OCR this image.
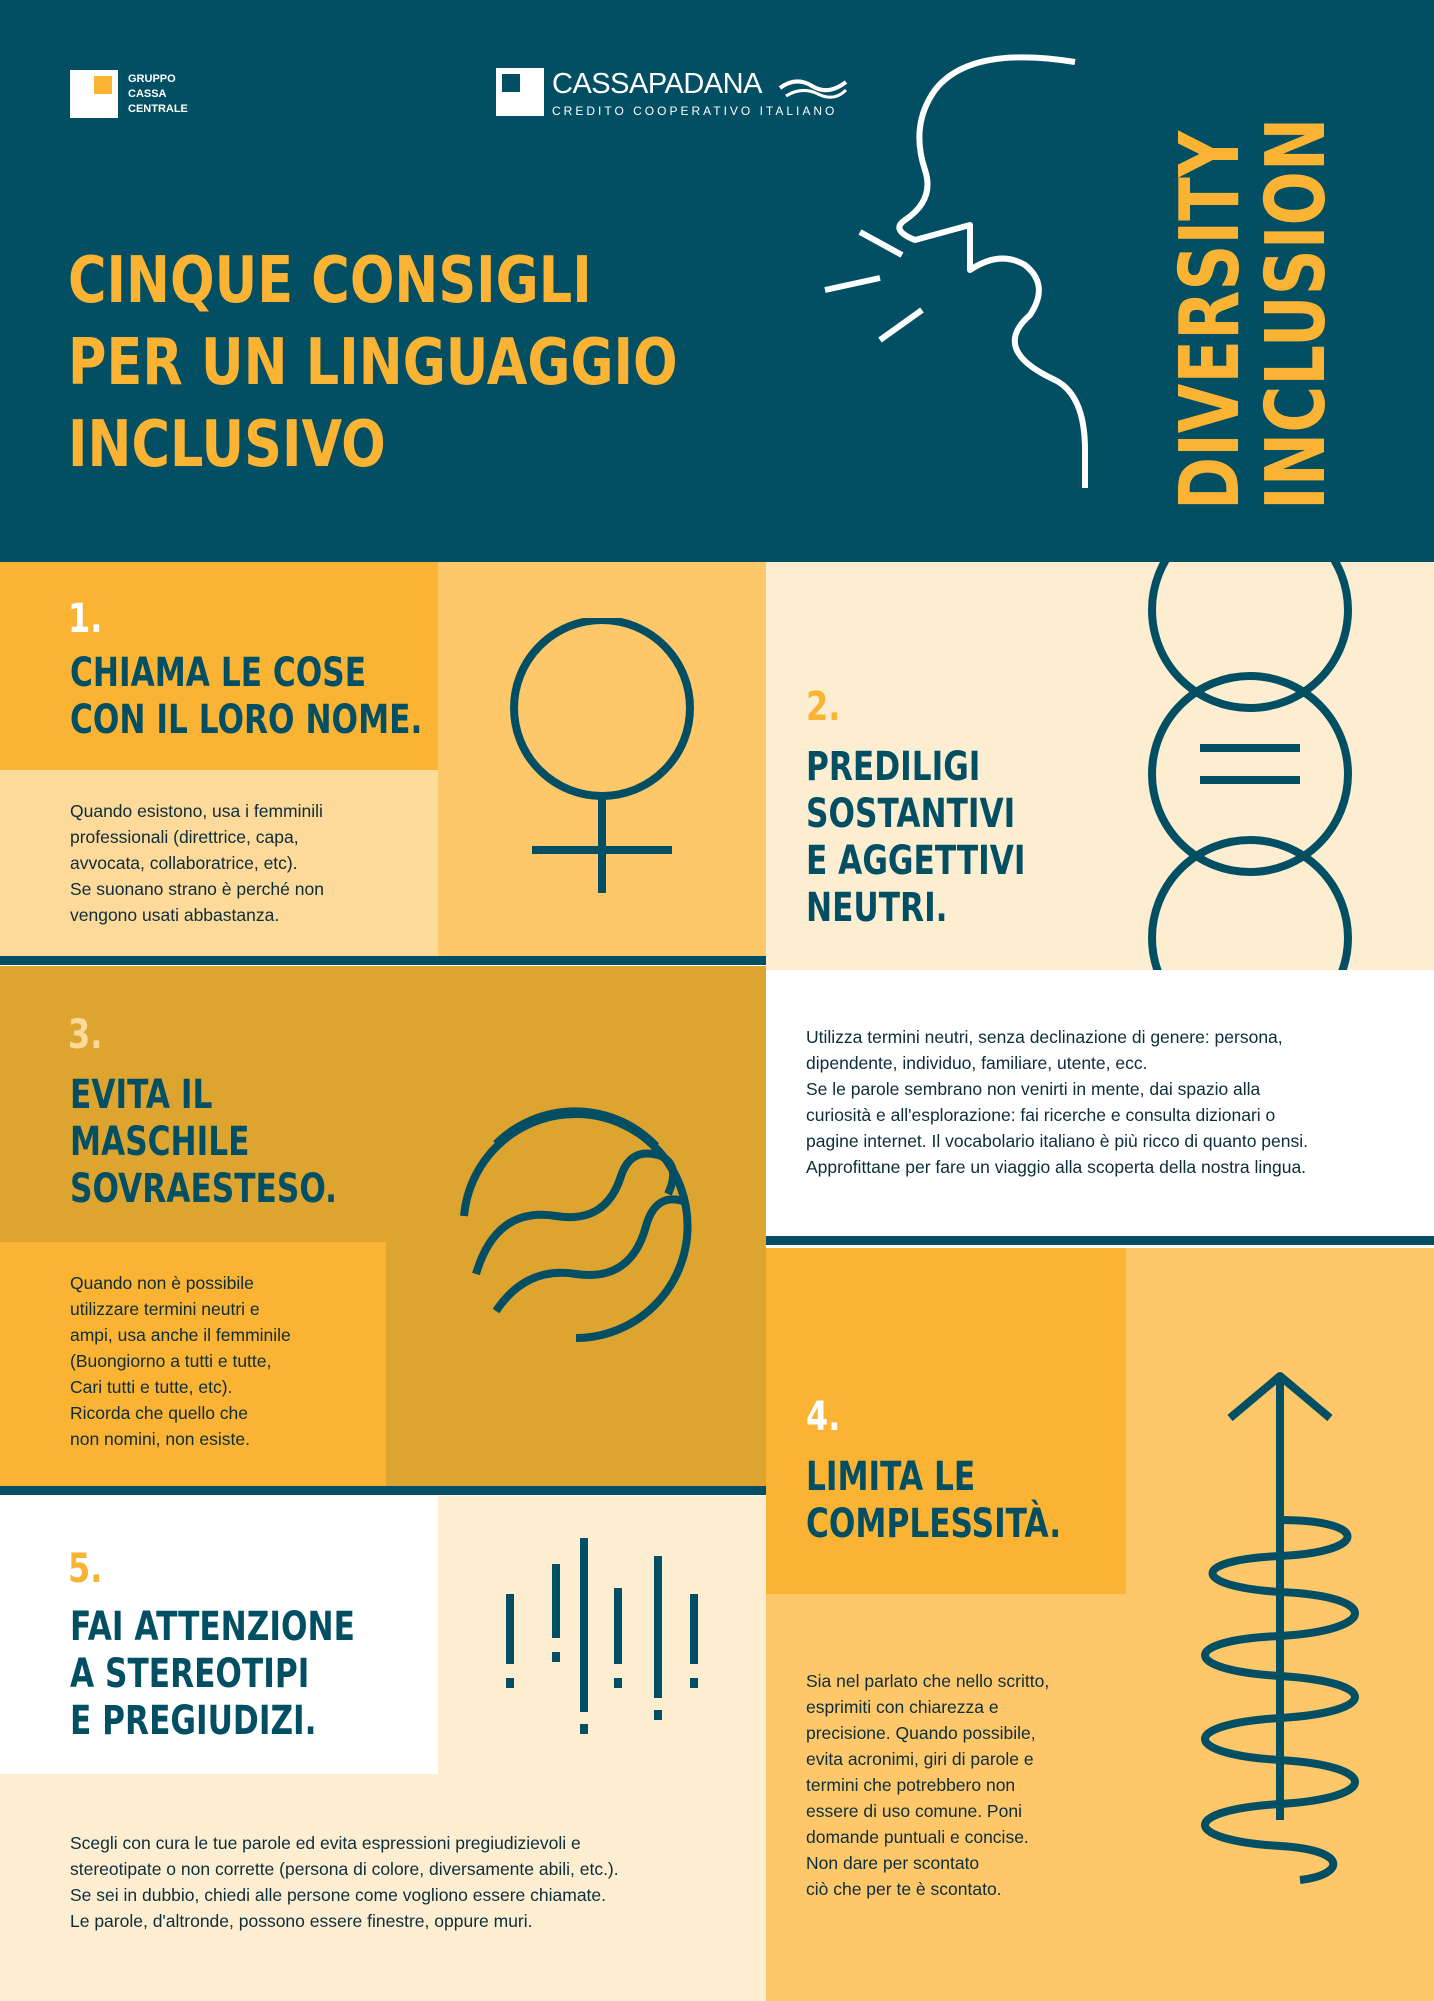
GRUPPO
CASSA
CENTRALE
CASSAPADANA
CREDITO COOPERATIVO ITALIANO
CINQUE CONSIGLI
PER UN LINGUAGGIO
INCLUSIVO	DIVERSITY
INCLUSION
1.
CHIAMA LE COSE
CON IL LORO NOME.
Quando esistono, usa i femminili
professionali (direttrice, capa,
avvocata, collaboratrice, etc).
Se suonano strano è perché non
vengono usati abbastanza.
2.
PREDILIGI
SOSTANTIVI
E AGGETTIVI
NEUTRI.
Utilizza termini neutri, senza declinazione di genere: persona,
dipendente, individuo, familiare, utente, ecc.
Se le parole sembrano non venirti in mente, dai spazio alla
curiosità e all'esplorazione: fai ricerche e consulta dizionari o
pagine internet. Il vocabolario italiano è più ricco di quanto pensi.
Approfittane per fare un viaggio alla scoperta della nostra lingua.
3.
EVITA IL
MASCHILE
SOVRAESTESO.
Quando non è possibile
utilizzare termini neutri e
ampi, usa anche il femminile
(Buongiorno a tutti e tutte,
Cari tutti e tutte, etc).
Ricorda che quello che
non nomini, non esiste.	4.
LIMITA LE
COMPLESSITÀ.
Sia nel parlato che nello scritto,
esprimiti con chiarezza e
precisione. Quando possibile,
evita acronimi, giri di parole e
termini che potrebbero non
essere di uso comune. Poni
domande puntuali e concise.
Non dare per scontato
ciò che per te è scontato.
5.
FAI ATTENZIONE
A STEREOTIPI
E PREGIUDIZI.
Scegli con cura le tue parole ed evita espressioni pregiudizievoli e
stereotipate o non corrette (persona di colore, diversamente abili, etc.).
Se sei in dubbio, chiedi alle persone come vogliono essere chiamate.
Le parole, d'altronde, possono essere finestre, oppure muri.
